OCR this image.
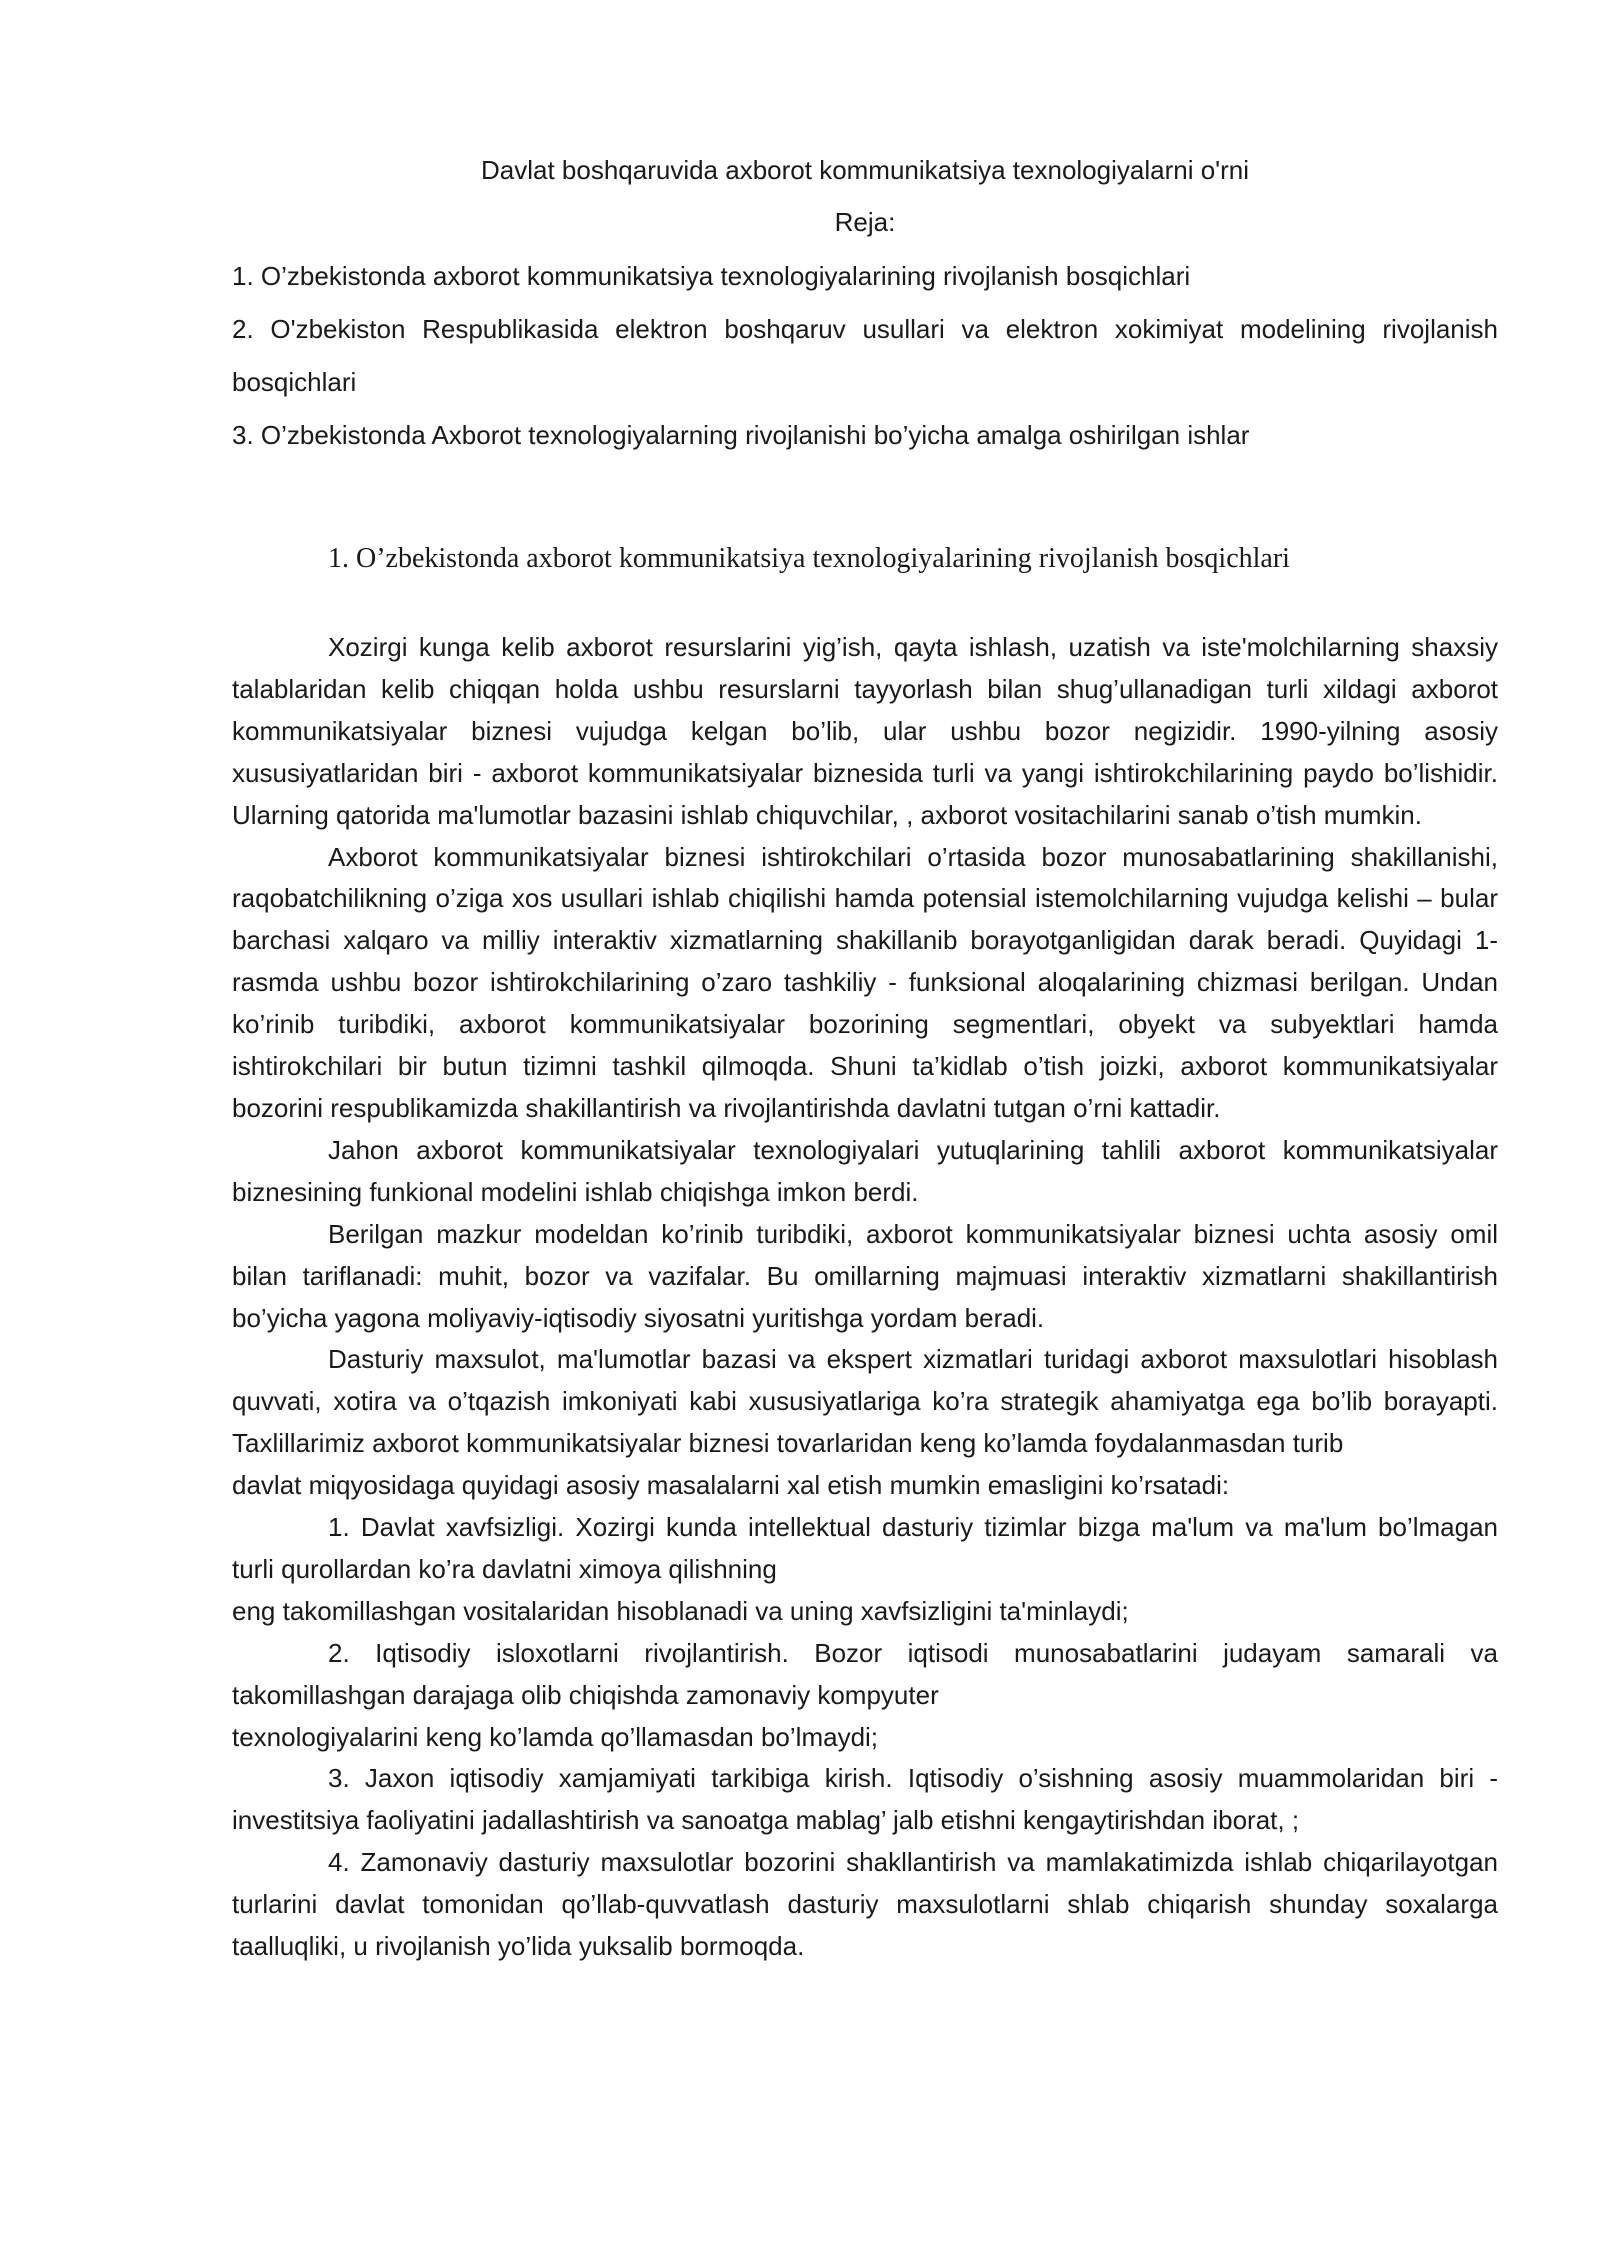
Davlat boshqaruvida axborot kommunikatsiya texnologiyalarni o'rni

Reja:

1. O’zbekistonda axborot kommunikatsiya texnologiyalarining rivojlanish bosqichlari

2. O'zbekiston Respublikasida elektron boshqaruv usullari va elektron xokimiyat modelining rivojlanish bosqichlari

3. O’zbekistonda Axborot texnologiyalarning rivojlanishi bo’yicha amalga oshirilgan ishlar

1. O’zbekistonda axborot kommunikatsiya texnologiyalarining rivojlanish bosqichlari

Xozirgi kunga kelib axborot resurslarini yig’ish, qayta ishlash, uzatish va iste'molchilarning shaxsiy talablaridan kelib chiqqan holda ushbu resurslarni tayyorlash bilan shug’ullanadigan turli xildagi axborot kommunikatsiyalar biznesi vujudga kelgan bo’lib, ular ushbu bozor negizidir. 1990-yilning asosiy xususiyatlaridan biri - axborot kommunikatsiyalar biznesida turli va yangi ishtirokchilarining paydo bo’lishidir. Ularning qatorida ma'lumotlar bazasini ishlab chiquvchilar, , axborot vositachilarini sanab o’tish mumkin.

Axborot kommunikatsiyalar biznesi ishtirokchilari o’rtasida bozor munosabatlarining shakillanishi, raqobatchilikning o’ziga xos usullari ishlab chiqilishi hamda potensial istemolchilarning vujudga kelishi – bular barchasi xalqaro va milliy interaktiv xizmatlarning shakillanib borayotganligidan darak beradi. Quyidagi 1- rasmda ushbu bozor ishtirokchilarining o’zaro tashkiliy - funksional aloqalarining chizmasi berilgan. Undan ko’rinib turibdiki, axborot kommunikatsiyalar bozorining segmentlari, obyekt va subyektlari hamda ishtirokchilari bir butun tizimni tashkil qilmoqda. Shuni ta’kidlab o’tish joizki, axborot kommunikatsiyalar bozorini respublikamizda shakillantirish va rivojlantirishda davlatni tutgan o’rni kattadir.

Jahon axborot kommunikatsiyalar texnologiyalari yutuqlarining tahlili axborot kommunikatsiyalar biznesining funkional modelini ishlab chiqishga imkon berdi.

Berilgan mazkur modeldan ko’rinib turibdiki, axborot kommunikatsiyalar biznesi uchta asosiy omil bilan tariflanadi: muhit, bozor va vazifalar. Bu omillarning majmuasi interaktiv xizmatlarni shakillantirish bo’yicha yagona moliyaviy-iqtisodiy siyosatni yuritishga yordam beradi.

Dasturiy maxsulot, ma'lumotlar bazasi va ekspert xizmatlari turidagi axborot maxsulotlari hisoblash quvvati, xotira va o’tqazish imkoniyati kabi xususiyatlariga ko’ra strategik ahamiyatga ega bo’lib borayapti. Taxlillarimiz axborot kommunikatsiyalar biznesi tovarlaridan keng ko’lamda foydalanmasdan turib

davlat miqyosidaga quyidagi asosiy masalalarni xal etish mumkin emasligini ko’rsatadi:

1. Davlat xavfsizligi. Xozirgi kunda intellektual dasturiy tizimlar bizga ma'lum va ma'lum bo’lmagan turli qurollardan ko’ra davlatni ximoya qilishning

eng takomillashgan vositalaridan hisoblanadi va uning xavfsizligini ta'minlaydi;

2. Iqtisodiy isloxotlarni rivojlantirish. Bozor iqtisodi munosabatlarini judayam samarali va takomillashgan darajaga olib chiqishda zamonaviy kompyuter

texnologiyalarini keng ko’lamda qo’llamasdan bo’lmaydi;

3. Jaxon iqtisodiy xamjamiyati tarkibiga kirish. Iqtisodiy o’sishning asosiy muammolaridan biri - investitsiya faoliyatini jadallashtirish va sanoatga mablag’ jalb etishni kengaytirishdan iborat, ;

4. Zamonaviy dasturiy maxsulotlar bozorini shakllantirish va mamlakatimizda ishlab chiqarilayotgan turlarini davlat tomonidan qo’llab-quvvatlash dasturiy maxsulotlarni shlab chiqarish shunday soxalarga taalluqliki, u rivojlanish yo’lida yuksalib bormoqda.
